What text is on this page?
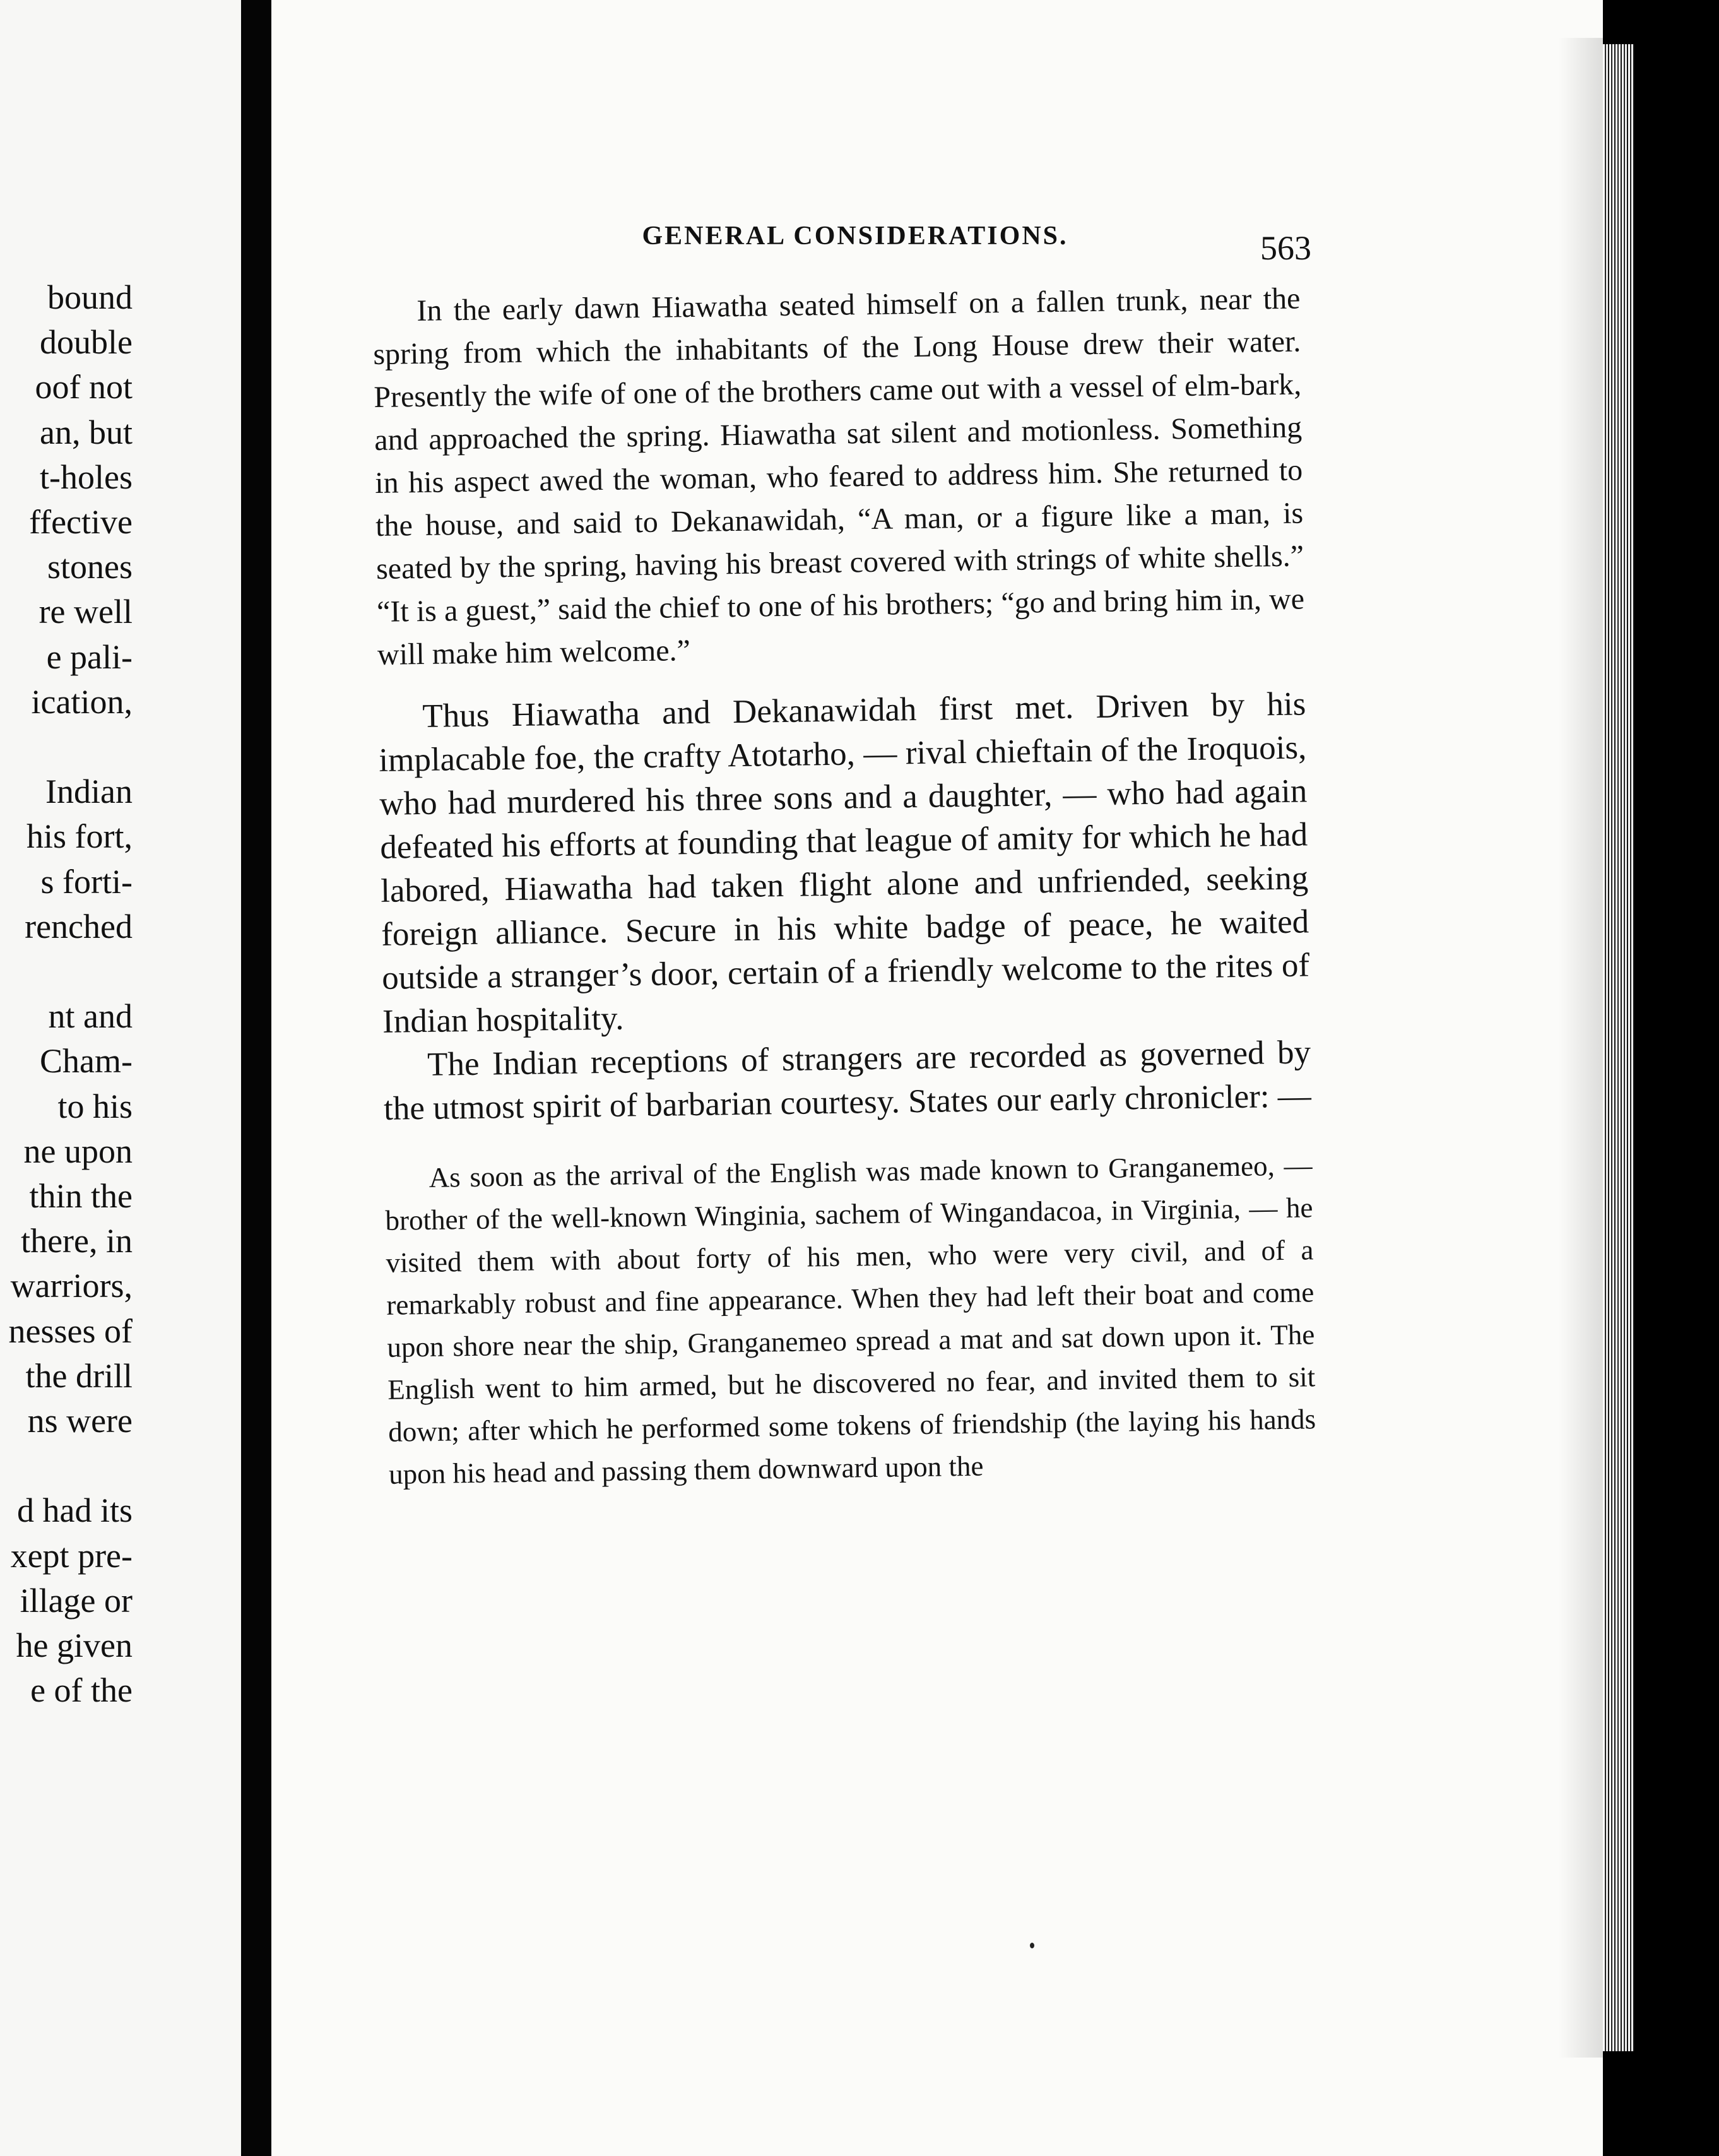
bound
double
oof not
an, but
t-holes
ffective
stones
re well
e pali-
ication,
Indian
his fort,
s forti-
renched
nt and
Cham-
to his
ne upon
thin the
there, in
warriors,
nesses of
the drill
ns were
d had its
xept pre-
illage or
he given
e of the
GENERAL CONSIDERATIONS.	563

In the early dawn Hiawatha seated himself on a fallen trunk, near the spring from which the inhabitants of the Long House drew their water. Presently the wife of one of the brothers came out with a vessel of elm-bark, and approached the spring. Hiawatha sat silent and motionless. Something in his aspect awed the woman, who feared to address him. She returned to the house, and said to Dekanawidah, “A man, or a figure like a man, is seated by the spring, having his breast covered with strings of white shells.” “It is a guest,” said the chief to one of his brothers; “go and bring him in, we will make him welcome.”

Thus Hiawatha and Dekanawidah first met. Driven by his implacable foe, the crafty Atotarho, — rival chieftain of the Iroquois, who had murdered his three sons and a daughter, — who had again defeated his efforts at founding that league of amity for which he had labored, Hiawatha had taken flight alone and unfriended, seeking foreign alliance. Secure in his white badge of peace, he waited outside a stranger’s door, certain of a friendly welcome to the rites of Indian hospitality.

The Indian receptions of strangers are recorded as governed by the utmost spirit of barbarian courtesy. States our early chronicler: —

As soon as the arrival of the English was made known to Granganemeo, — brother of the well-known Winginia, sachem of Wingandacoa, in Virginia, — he visited them with about forty of his men, who were very civil, and of a remarkably robust and fine appearance. When they had left their boat and come upon shore near the ship, Granganemeo spread a mat and sat down upon it. The English went to him armed, but he discovered no fear, and invited them to sit down; after which he performed some tokens of friendship (the laying his hands upon his head and passing them downward upon the
